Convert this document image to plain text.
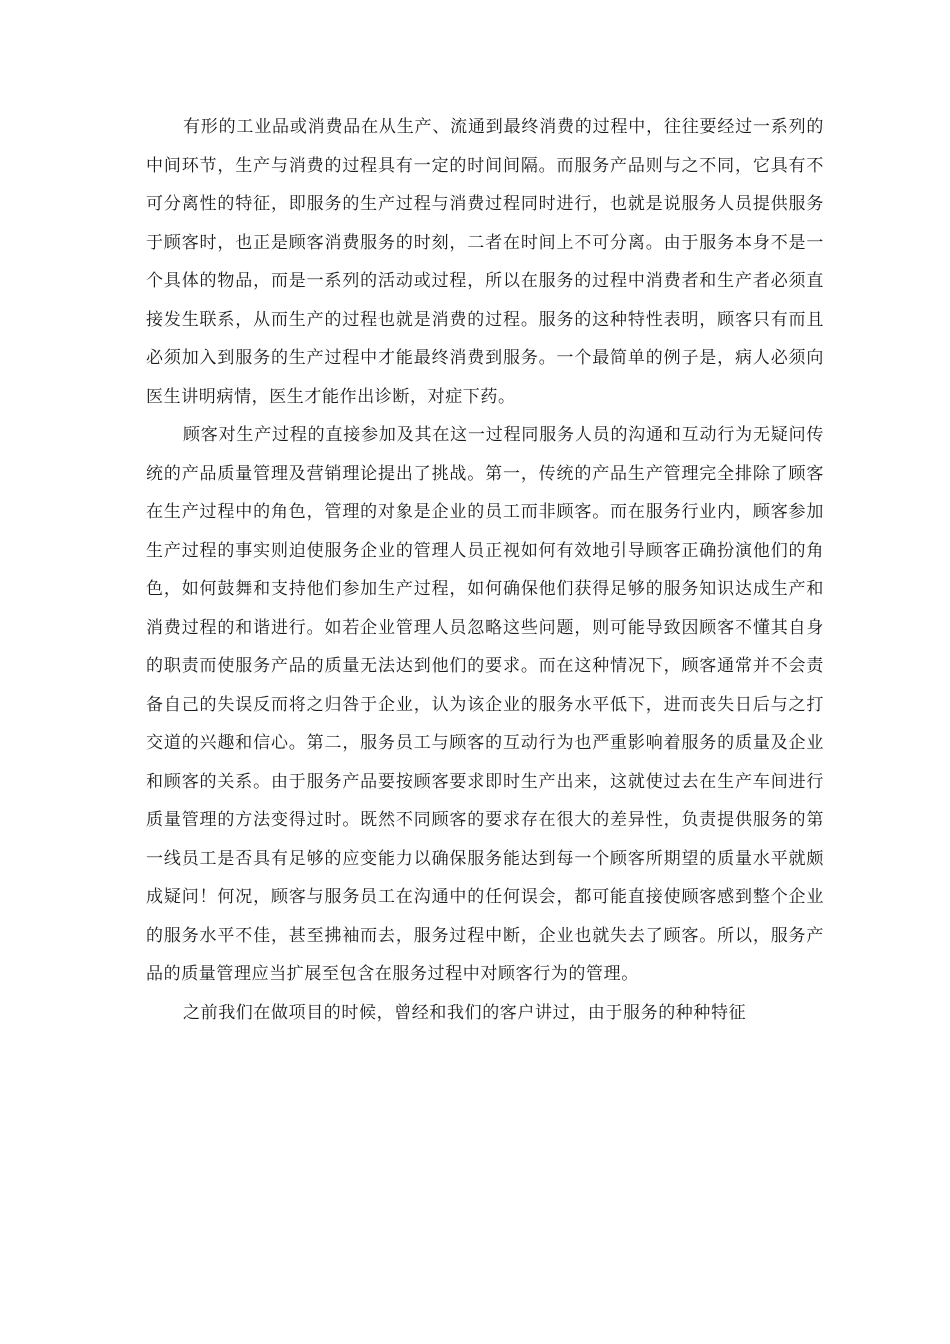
有形的工业品或消费品在从生产、流通到最终消费的过程中，往往要经过一系列的中间环节，生产与消费的过程具有一定的时间间隔。而服务产品则与之不同，它具有不可分离性的特征，即服务的生产过程与消费过程同时进行，也就是说服务人员提供服务于顾客时，也正是顾客消费服务的时刻，二者在时间上不可分离。由于服务本身不是一个具体的物品，而是一系列的活动或过程，所以在服务的过程中消费者和生产者必须直接发生联系，从而生产的过程也就是消费的过程。服务的这种特性表明，顾客只有而且必须加入到服务的生产过程中才能最终消费到服务。一个最简单的例子是，病人必须向医生讲明病情，医生才能作出诊断，对症下药。

顾客对生产过程的直接参加及其在这一过程同服务人员的沟通和互动行为无疑问传统的产品质量管理及营销理论提出了挑战。第一，传统的产品生产管理完全排除了顾客在生产过程中的角色，管理的对象是企业的员工而非顾客。而在服务行业内，顾客参加生产过程的事实则迫使服务企业的管理人员正视如何有效地引导顾客正确扮演他们的角色，如何鼓舞和支持他们参加生产过程，如何确保他们获得足够的服务知识达成生产和消费过程的和谐进行。如若企业管理人员忽略这些问题，则可能导致因顾客不懂其自身的职责而使服务产品的质量无法达到他们的要求。而在这种情况下，顾客通常并不会责备自己的失误反而将之归咎于企业，认为该企业的服务水平低下，进而丧失日后与之打交道的兴趣和信心。第二，服务员工与顾客的互动行为也严重影响着服务的质量及企业和顾客的关系。由于服务产品要按顾客要求即时生产出来，这就使过去在生产车间进行质量管理的方法变得过时。既然不同顾客的要求存在很大的差异性，负责提供服务的第一线员工是否具有足够的应变能力以确保服务能达到每一个顾客所期望的质量水平就颇成疑问！何况，顾客与服务员工在沟通中的任何误会，都可能直接使顾客感到整个企业的服务水平不佳，甚至拂袖而去，服务过程中断，企业也就失去了顾客。所以，服务产品的质量管理应当扩展至包含在服务过程中对顾客行为的管理。

之前我们在做项目的时候，曾经和我们的客户讲过，由于服务的种种特征
